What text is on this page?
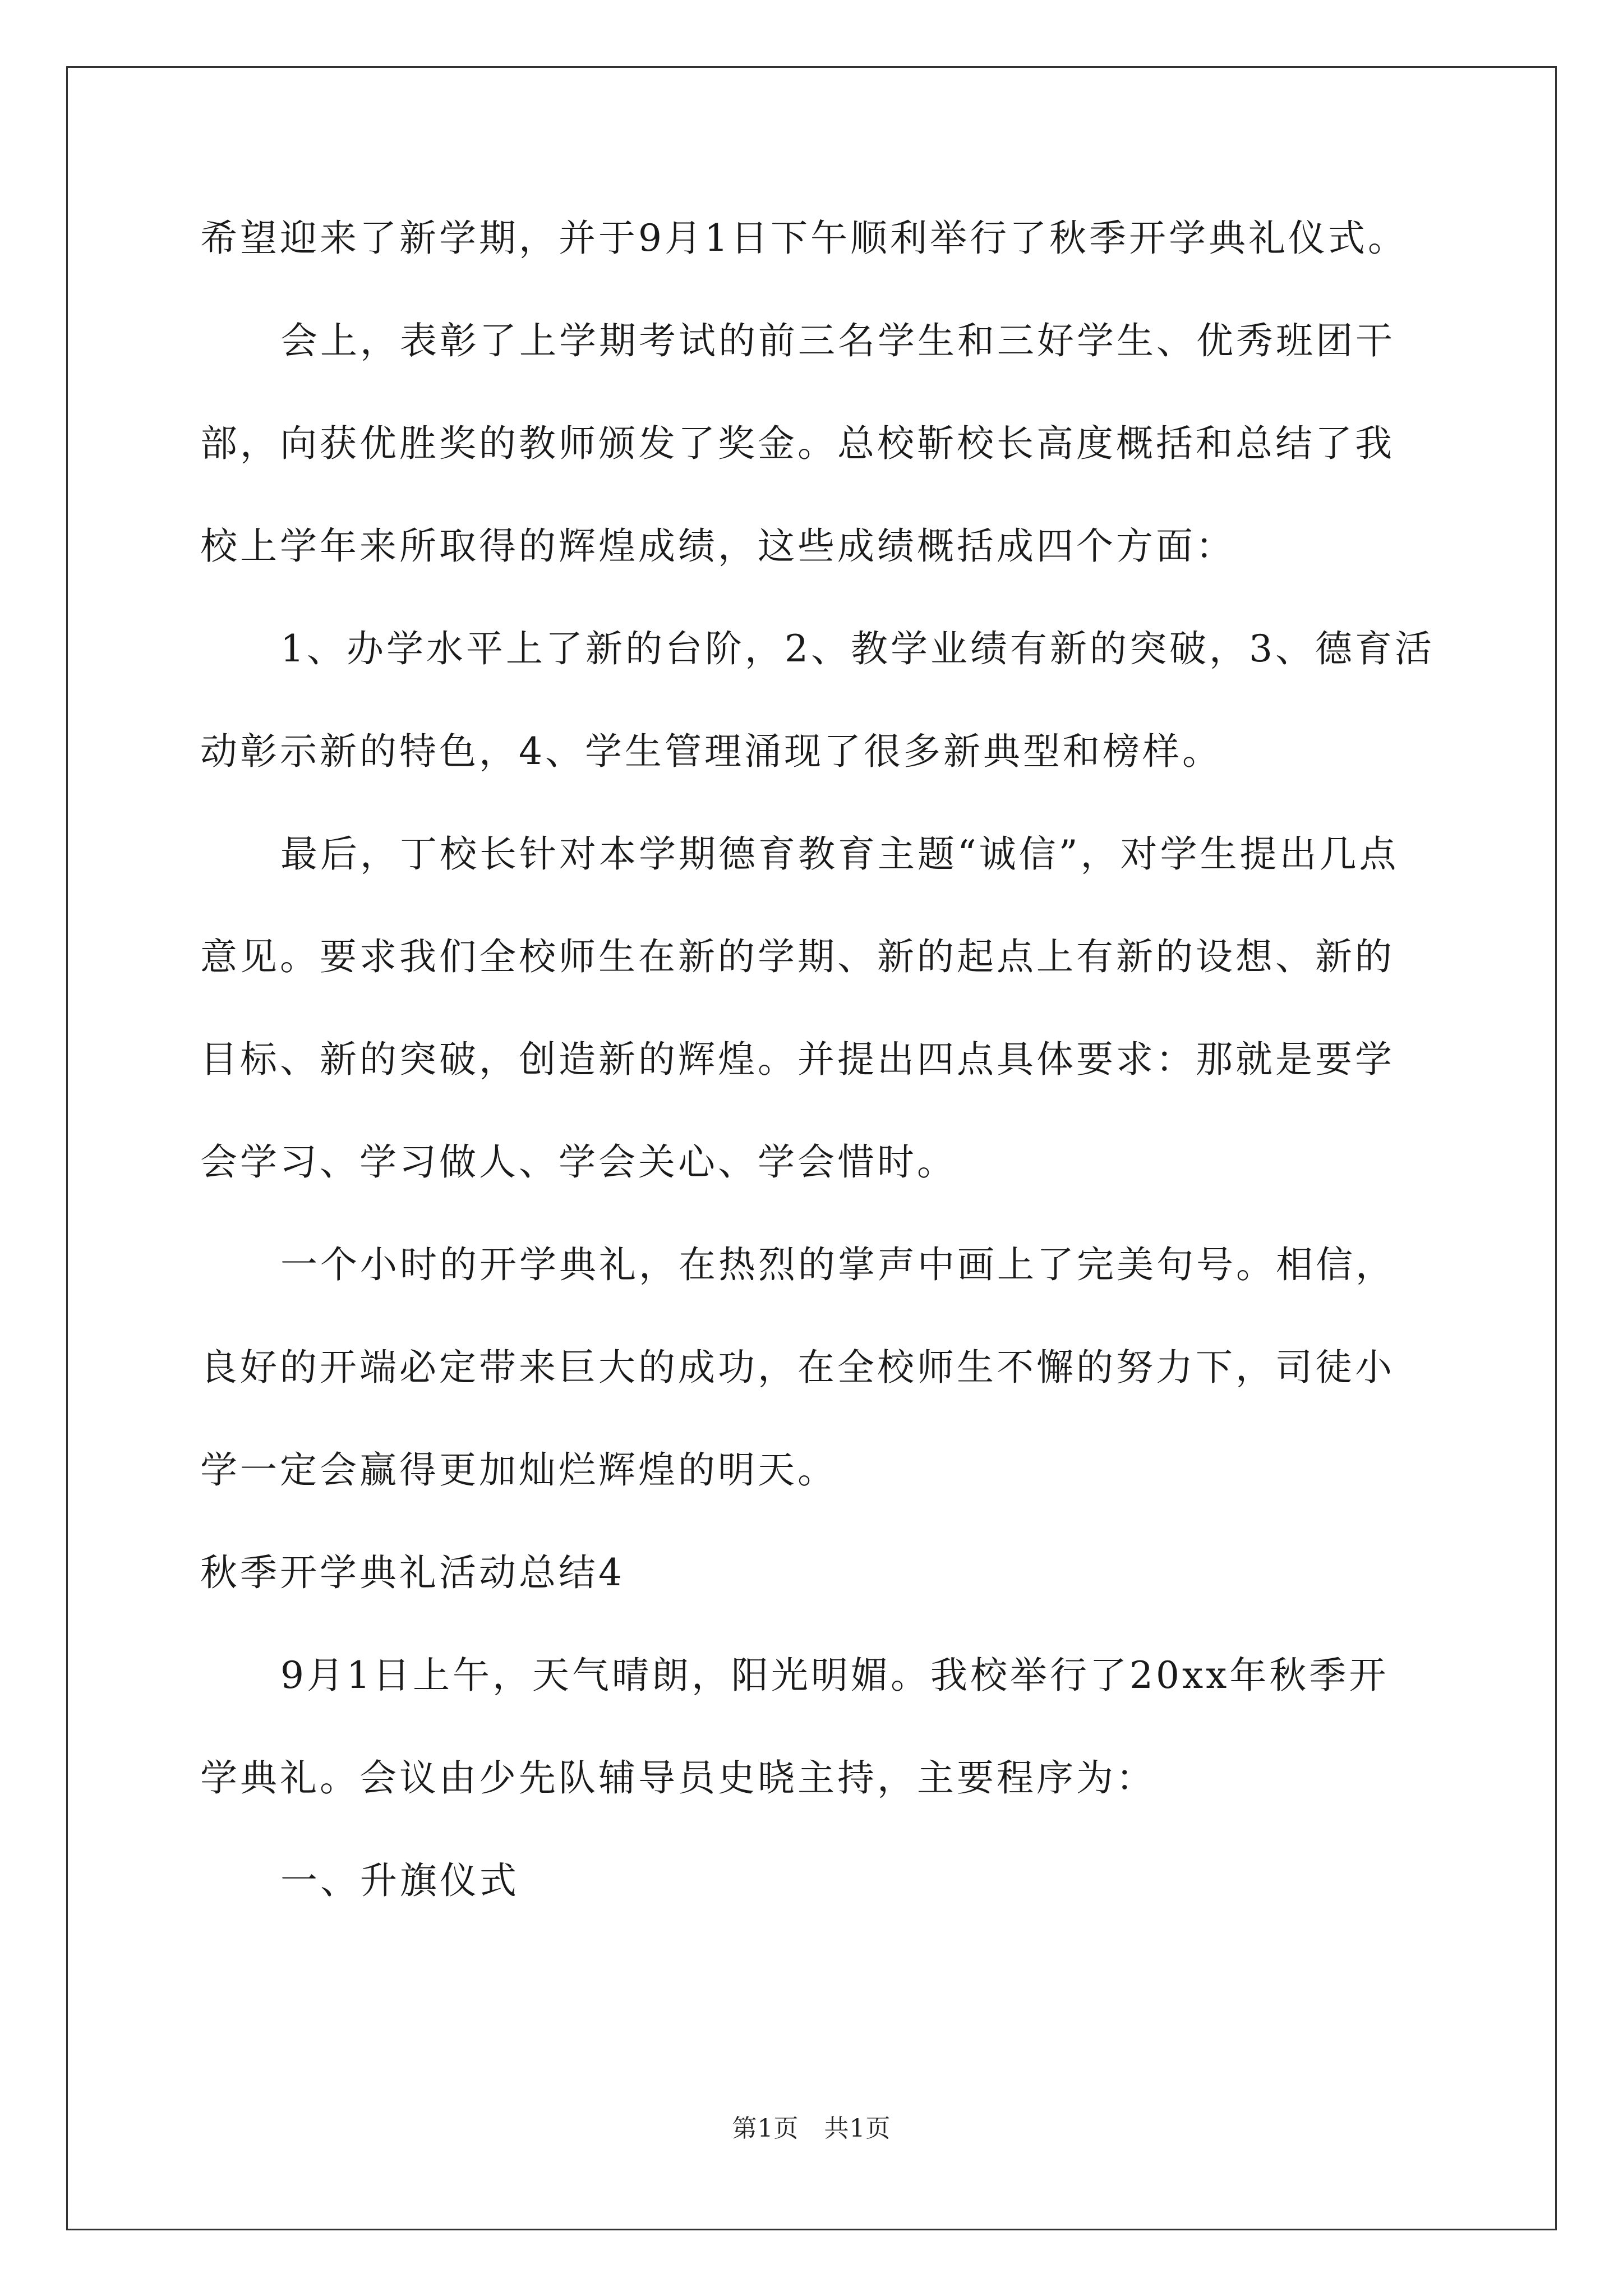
希望迎来了新学期，并于9月1日下午顺利举行了秋季开学典礼仪式。
会上，表彰了上学期考试的前三名学生和三好学生、优秀班团干
部，向获优胜奖的教师颁发了奖金。总校靳校长高度概括和总结了我
校上学年来所取得的辉煌成绩，这些成绩概括成四个方面：
1、办学水平上了新的台阶，2、教学业绩有新的突破，3、德育活
动彰示新的特色，4、学生管理涌现了很多新典型和榜样。
最后，丁校长针对本学期德育教育主题“诚信”，对学生提出几点
意见。要求我们全校师生在新的学期、新的起点上有新的设想、新的
目标、新的突破，创造新的辉煌。并提出四点具体要求：那就是要学
会学习、学习做人、学会关心、学会惜时。
一个小时的开学典礼，在热烈的掌声中画上了完美句号。相信，
良好的开端必定带来巨大的成功，在全校师生不懈的努力下，司徒小
学一定会赢得更加灿烂辉煌的明天。
秋季开学典礼活动总结4
9月1日上午，天气晴朗，阳光明媚。我校举行了20xx年秋季开
学典礼。会议由少先队辅导员史晓主持，主要程序为：
一、升旗仪式
第1页　共1页
